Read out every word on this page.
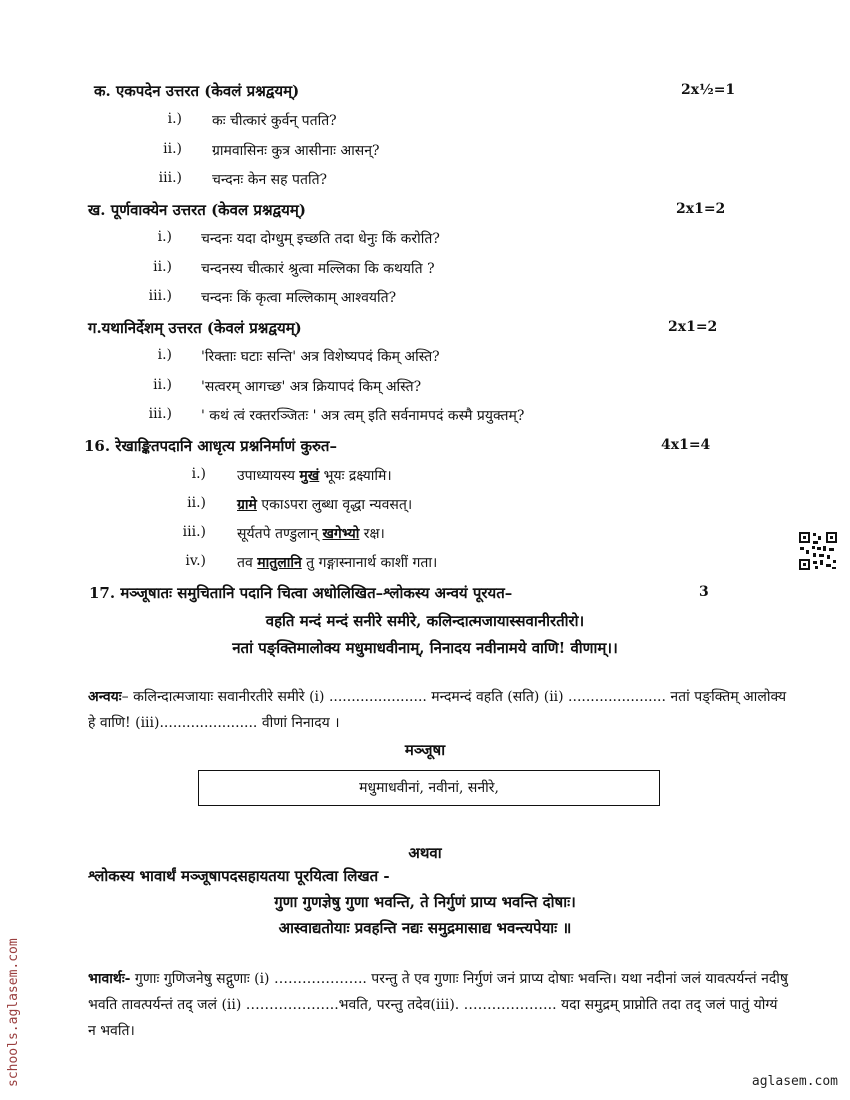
क. एकपदेन उत्तरत (केवलं प्रश्नद्वयम्)	2x½=1
i.) कः चीत्कारं कुर्वन् पतति?
ii.) ग्रामवासिनः कुत्र आसीनाः आसन्?
iii.) चन्दनः केन सह पतति?
ख. पूर्णवाक्येन उत्तरत (केवल प्रश्नद्वयम्)	2x1=2
i.) चन्दनः यदा दोग्धुम् इच्छति तदा धेनुः किं करोति?
ii.) चन्दनस्य चीत्कारं श्रुत्वा मल्लिका कि कथयति ?
iii.) चन्दनः किं कृत्वा मल्लिकाम् आश्वयति?
ग.यथानिर्देशम् उत्तरत (केवलं प्रश्नद्वयम्)	2x1=2
i.) 'रिक्ताः घटाः सन्ति' अत्र विशेष्यपदं किम् अस्ति?
ii.) 'सत्वरम् आगच्छ' अत्र क्रियापदं किम् अस्ति?
iii.) ' कथं त्वं रक्तरञ्जितः ' अत्र त्वम् इति सर्वनामपदं कस्मै प्रयुक्तम्?
16. रेखाङ्कितपदानि आधृत्य प्रश्ननिर्माणं कुरुत–	4x1=4
i.) उपाध्यायस्य मुखं भूयः द्रक्ष्यामि।
ii.) ग्रामे एकाऽपरा लुब्धा वृद्धा न्यवसत्।
iii.) सूर्यतपे तण्डुलान् खगेभ्यो रक्ष।
iv.) तव मातुलानि तु गङ्गास्नानार्थ काशीं गता।
17. मञ्जूषातः समुचितानि पदानि चित्वा अधोलिखित–श्लोकस्य अन्वयं पूरयत–	3
वहति मन्दं मन्दं सनीरे समीरे, कलिन्दात्मजायास्सवानीरतीरो।
नतां पङ्क्तिमालोक्य मधुमाधवीनाम्, निनादय नवीनामये वाणि! वीणाम्।।
अन्वयः– कलिन्दात्मजायाः सवानीरतीरे समीरे (i) ...................... मन्दमन्दं वहति (सति) (ii) ...................... नतां पङ्क्तिम् आलोक्य हे वाणि! (iii)...................... वीणां निनादय ।
मञ्जूषा
मधुमाधवीनां, नवीनां, सनीरे,
अथवा
श्लोकस्य भावार्थं मञ्जूषापदसहायतया पूरयित्वा लिखत -
गुणा गुणज्ञेषु गुणा भवन्ति, ते निर्गुणं प्राप्य भवन्ति दोषाः।
आस्वाद्यतोयाः प्रवहन्ति नद्यः समुद्रमासाद्य भवन्त्यपेयाः ॥
भावार्थः- गुणाः गुणिजनेषु सद्गुणाः (i) ……………….. परन्तु ते एव गुणाः निर्गुणं जनं प्राप्य दोषाः भवन्ति। यथा नदीनां जलं यावत्पर्यन्तं नदीषु भवति तावत्पर्यन्तं तद् जलं (ii) ………………..भवति, परन्तु तदेव(iii). ……………….. यदा समुद्रम् प्राप्नोति तदा तद् जलं पातुं योग्यं न भवति।
schools.aglasem.com	aglasem.com
